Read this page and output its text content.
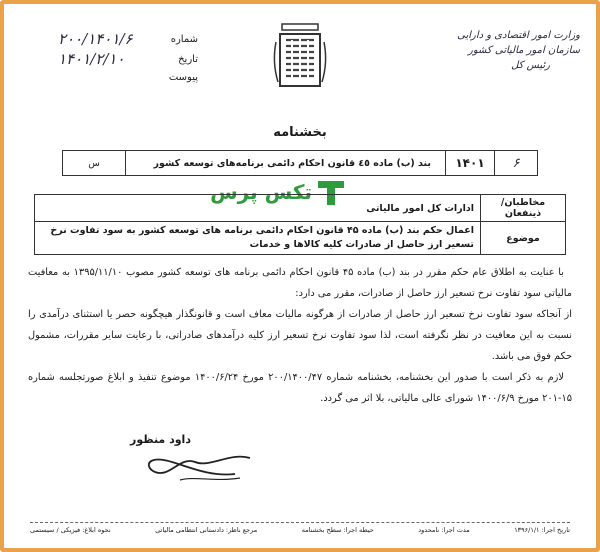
وزارت امور اقتصادی و دارایی
سازمان امور مالیاتی کشور
رئیس کل
شماره
۲۰۰/۱۴۰۱/۶
تاریخ
۱۴۰۱/۲/۱۰
پیوست
بخشنامه
۶	۱۴۰۱	بند (ب) ماده ٤٥ قانون احکام دائمی برنامه‌های توسعه کشور	س
تکس پرس	مخاطبان/ذینفعان	ادارات کل امور مالیاتی
موضوع	اعمال حکم بند (ب) ماده ۴۵ قانون احکام دائمی برنامه های توسعه کشور به سود تفاوت نرخ تسعیر ارز حاصل از صادرات کلیه کالاها و خدمات

با عنایت به اطلاق عام حکم مقرر در بند (ب) ماده ۴۵ قانون احکام دائمی برنامه های توسعه کشور مصوب ۱۳۹۵/۱۱/۱۰ به معافیت مالیاتی سود تفاوت نرخ تسعیر ارز حاصل از صادرات، مقرر می دارد:

از آنجاکه سود تفاوت نرخ تسعیر ارز حاصل از صادرات از هرگونه مالیات معاف است و قانونگذار هیچگونه حصر یا استثنای درآمدی را نسبت به این معافیت در نظر نگرفته است، لذا سود تفاوت نرخ تسعیر ارز کلیه درآمدهای صادراتی، با رعایت سایر مقررات، مشمول حکم فوق می باشد.

لازم به ذکر است با صدور این بخشنامه، بخشنامه شماره ۲۰۰/۱۴۰۰/۴۷ مورخ ۱۴۰۰/۶/۲۴ موضوع تنفیذ و ابلاغ صورتجلسه شماره ۱۵-۲۰۱ مورخ ۱۴۰۰/۶/۹ شورای عالی مالیاتی، بلا اثر می گردد.

داود منظور
تاریخ اجرا: ۱۳۹۶/۱/۱
مدت اجرا: نامحدود
حیطه اجرا: سطح بخشنامه
مرجع ناظر: دادستانی انتظامی مالیاتی
نحوه ابلاغ: فیزیکی / سیستمی
